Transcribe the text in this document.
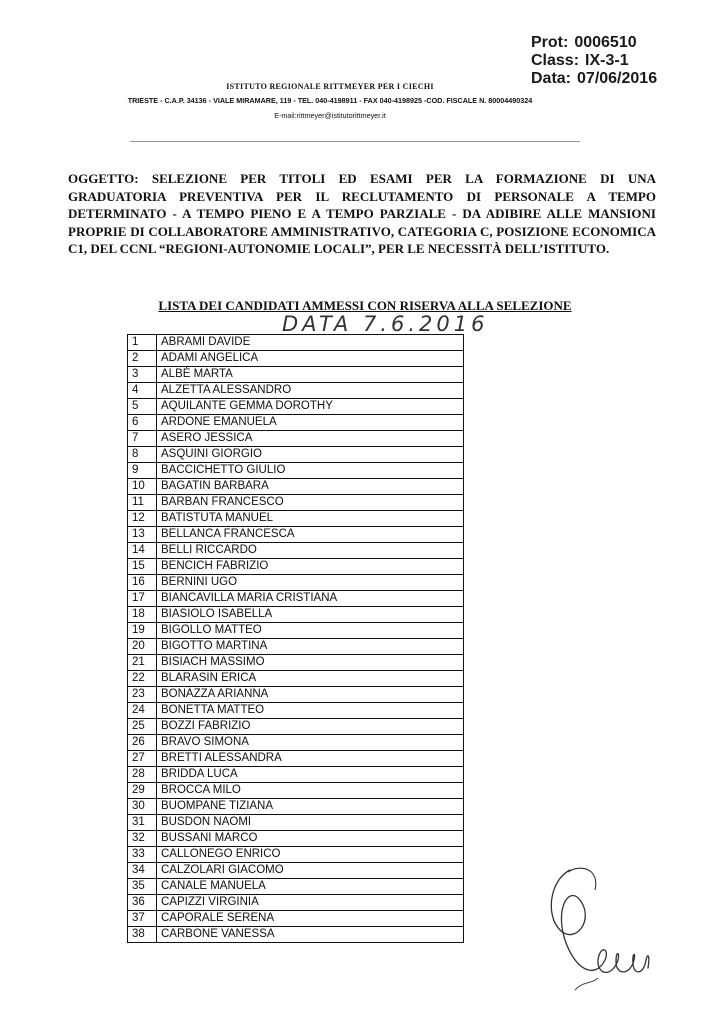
Prot: 0006510
Class: IX-3-1
Data: 07/06/2016
ISTITUTO REGIONALE RITTMEYER PER I CIECHI
TRIESTE - C.A.P. 34136 - VIALE MIRAMARE, 119 - TEL. 040-4198911 - FAX 040-4198925 -COD. FISCALE N. 80004490324
E-mail:rittmeyer@istitutorittmeyer.it
OGGETTO: SELEZIONE PER TITOLI ED ESAMI PER LA FORMAZIONE DI UNA GRADUATORIA PREVENTIVA PER IL RECLUTAMENTO DI PERSONALE A TEMPO DETERMINATO - A TEMPO PIENO E A TEMPO PARZIALE - DA ADIBIRE ALLE MANSIONI PROPRIE DI COLLABORATORE AMMINISTRATIVO, CATEGORIA C, POSIZIONE ECONOMICA C1, DEL CCNL “REGIONI-AUTONOMIE LOCALI”, PER LE NECESSITÀ DELL’ISTITUTO.
LISTA DEI CANDIDATI AMMESSI CON RISERVA ALLA SELEZIONE
DATA 7.6.2016
1	ABRAMI DAVIDE
2	ADAMI ANGELICA
3	ALBÈ MARTA
4	ALZETTA ALESSANDRO
5	AQUILANTE GEMMA DOROTHY
6	ARDONE EMANUELA
7	ASERO JESSICA
8	ASQUINI GIORGIO
9	BACCICHETTO GIULIO
10	BAGATIN BARBARA
11	BARBAN FRANCESCO
12	BATISTUTA MANUEL
13	BELLANCA FRANCESCA
14	BELLI RICCARDO
15	BENCICH FABRIZIO
16	BERNINI UGO
17	BIANCAVILLA MARIA CRISTIANA
18	BIASIOLO ISABELLA
19	BIGOLLO MATTEO
20	BIGOTTO MARTINA
21	BISIACH MASSIMO
22	BLARASIN ERICA
23	BONAZZA ARIANNA
24	BONETTA MATTEO
25	BOZZI FABRIZIO
26	BRAVO SIMONA
27	BRETTI ALESSANDRA
28	BRIDDA LUCA
29	BROCCA MILO
30	BUOMPANE TIZIANA
31	BUSDON NAOMI
32	BUSSANI MARCO
33	CALLONEGO ENRICO
34	CALZOLARI GIACOMO
35	CANALE MANUELA
36	CAPIZZI VIRGINIA
37	CAPORALE SERENA
38	CARBONE VANESSA
